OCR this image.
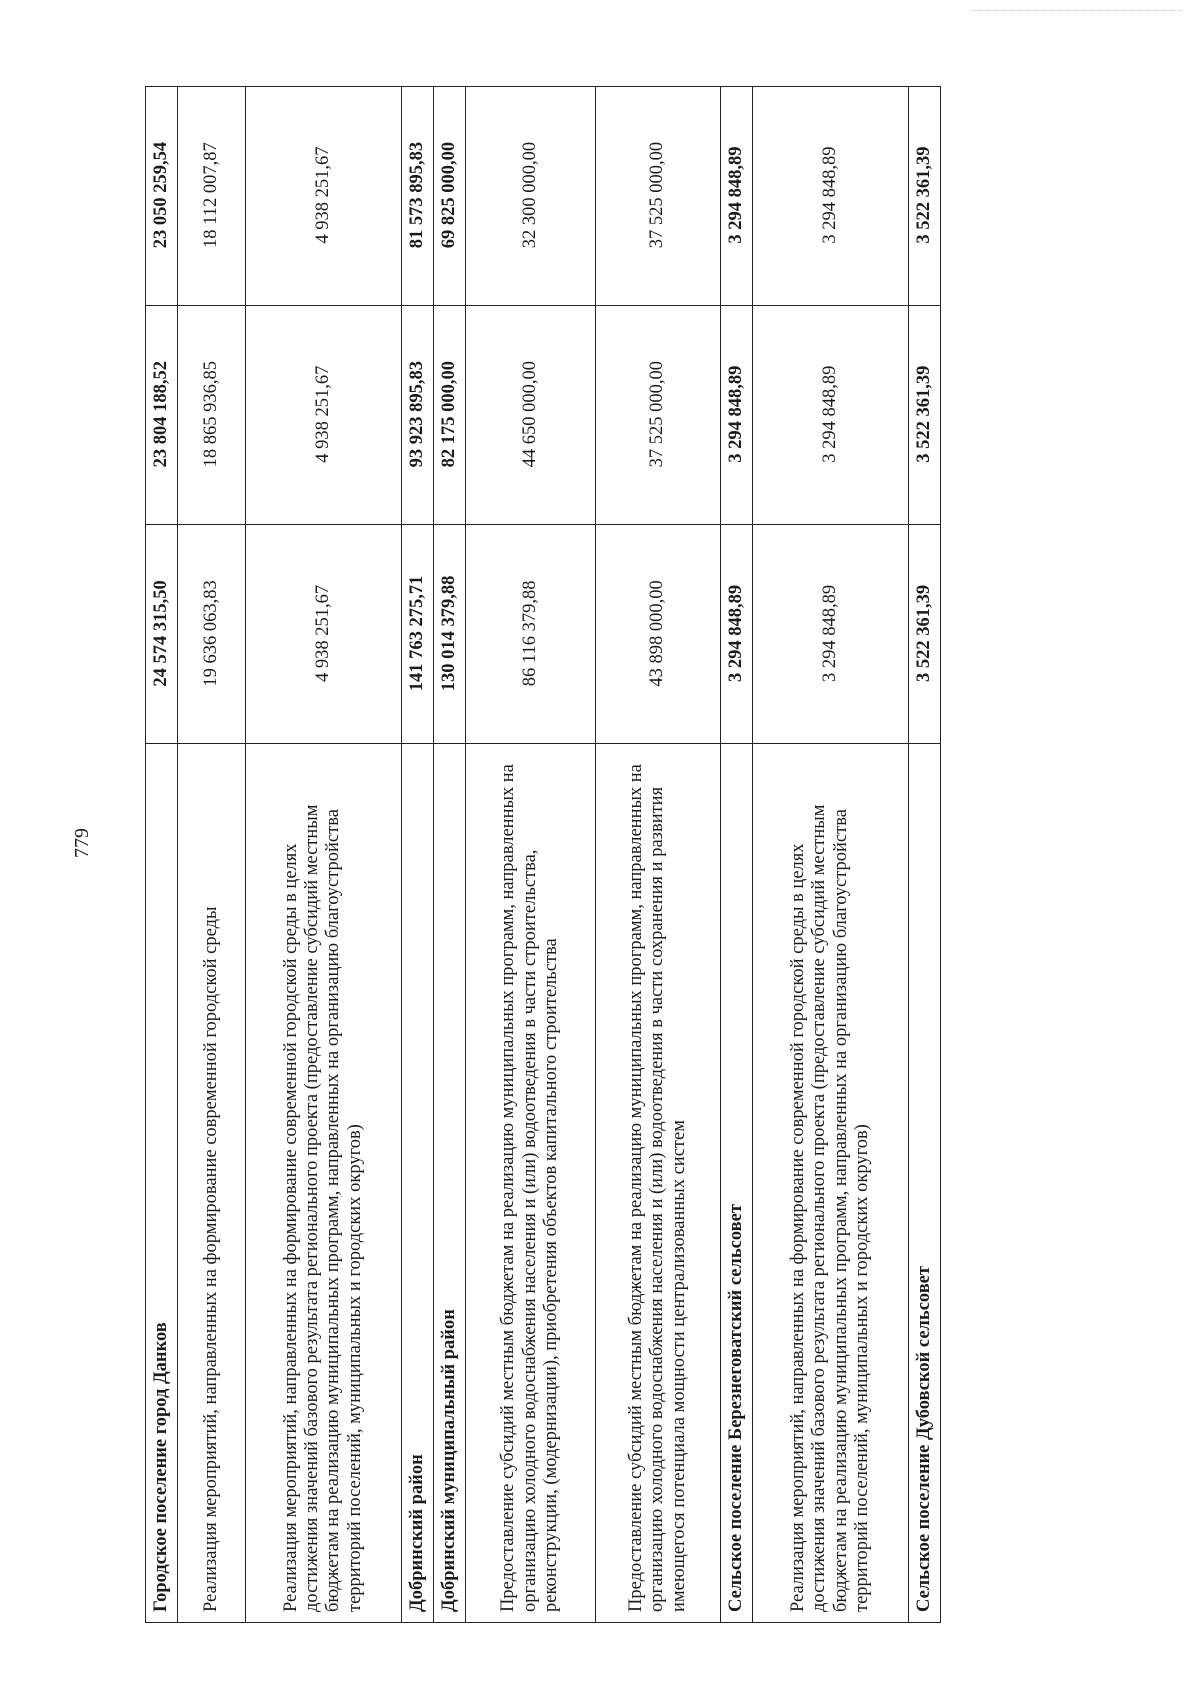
779
Городское поселение город Данков	24 574 315,50	23 804 188,52	23 050 259,54
Реализация мероприятий, направленных на формирование современной городской среды	19 636 063,83	18 865 936,85	18 112 007,87
Реализация мероприятий, направленных на формирование современной городской среды в целях достижения значений базового результата регионального проекта (предоставление субсидий местным бюджетам на реализацию муниципальных программ, направленных на организацию благоустройства территорий поселений, муниципальных и городских округов)	4 938 251,67	4 938 251,67	4 938 251,67
Добринский район	141 763 275,71	93 923 895,83	81 573 895,83
Добринский муниципальный район	130 014 379,88	82 175 000,00	69 825 000,00
Предоставление субсидий местным бюджетам на реализацию муниципальных программ, направленных на организацию холодного водоснабжения населения и (или) водоотведения в части строительства, реконструкции, (модернизации), приобретения объектов капитального строительства	86 116 379,88	44 650 000,00	32 300 000,00
Предоставление субсидий местным бюджетам на реализацию муниципальных программ, направленных на организацию холодного водоснабжения населения и (или) водоотведения в части сохранения и развития имеющегося потенциала мощности централизованных систем	43 898 000,00	37 525 000,00	37 525 000,00
Сельское поселение Березнеговатский сельсовет	3 294 848,89	3 294 848,89	3 294 848,89
Реализация мероприятий, направленных на формирование современной городской среды в целях достижения значений базового результата регионального проекта (предоставление субсидий местным бюджетам на реализацию муниципальных программ, направленных на организацию благоустройства территорий поселений, муниципальных и городских округов)	3 294 848,89	3 294 848,89	3 294 848,89
Сельское поселение Дубовской сельсовет	3 522 361,39	3 522 361,39	3 522 361,39
